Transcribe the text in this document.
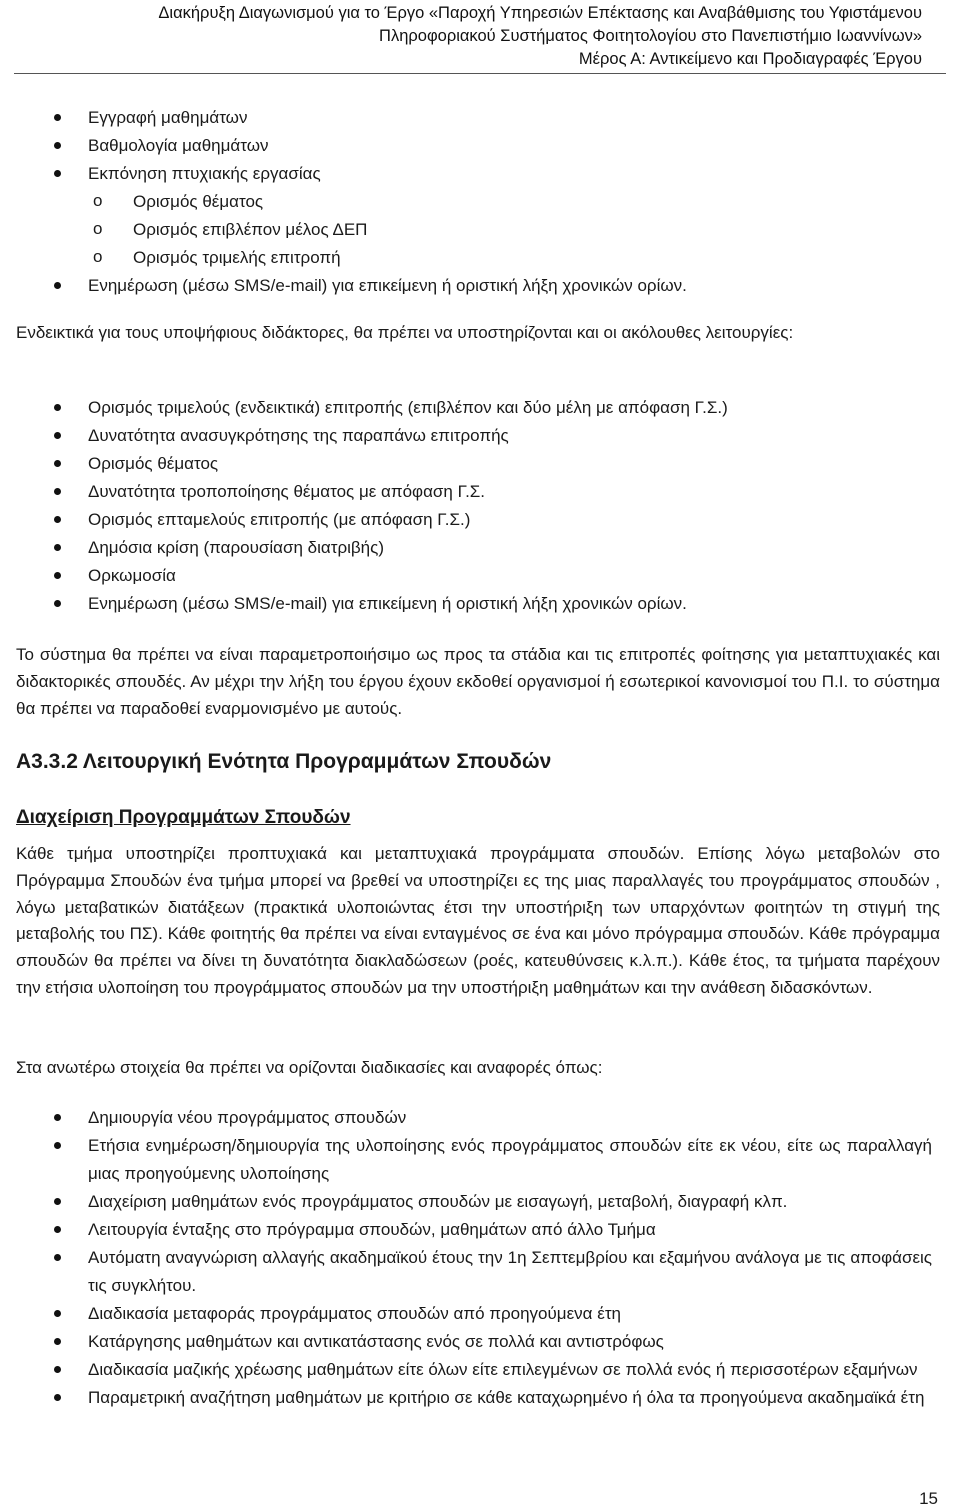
Διακήρυξη Διαγωνισμού για το Έργο «Παροχή Υπηρεσιών Επέκτασης και Αναβάθμισης του Υφιστάμενου
Πληροφοριακού Συστήματος Φοιτητολογίου στο Πανεπιστήμιο Ιωαννίνων»
Μέρος Α: Αντικείμενο και Προδιαγραφές Έργου
Εγγραφή μαθημάτων
Βαθμολογία μαθημάτων
Εκπόνηση πτυχιακής εργασίας
o Ορισμός θέματος
o Ορισμός επιβλέπον μέλος ΔΕΠ
o Ορισμός τριμελής επιτροπή
Ενημέρωση (μέσω SMS/e-mail) για επικείμενη ή οριστική λήξη χρονικών ορίων.

Ενδεικτικά για τους υποψήφιους διδάκτορες, θα πρέπει να υποστηρίζονται και οι ακόλουθες λειτουργίες:

Ορισμός τριμελούς (ενδεικτικά) επιτροπής (επιβλέπον και δύο μέλη με απόφαση Γ.Σ.)
Δυνατότητα ανασυγκρότησης της παραπάνω επιτροπής
Ορισμός θέματος
Δυνατότητα τροποποίησης θέματος με απόφαση Γ.Σ.
Ορισμός επταμελούς επιτροπής (με απόφαση Γ.Σ.)
Δημόσια κρίση (παρουσίαση διατριβής)
Ορκωμοσία
Ενημέρωση (μέσω SMS/e-mail) για επικείμενη ή οριστική λήξη χρονικών ορίων.

Το σύστημα θα πρέπει να είναι παραμετροποιήσιμο ως προς τα στάδια και τις επιτροπές φοίτησης για μεταπτυχιακές και διδακτορικές σπουδές. Αν μέχρι την λήξη του έργου έχουν εκδοθεί οργανισμοί ή εσωτερικοί κανονισμοί του Π.Ι. το σύστημα θα πρέπει να παραδοθεί εναρμονισμένο με αυτούς.

Α3.3.2 Λειτουργική Ενότητα Προγραμμάτων Σπουδών
Διαχείριση Προγραμμάτων Σπουδών

Κάθε τμήμα υποστηρίζει προπτυχιακά και μεταπτυχιακά προγράμματα σπουδών. Επίσης λόγω μεταβολών στο Πρόγραμμα Σπουδών ένα τμήμα μπορεί να βρεθεί να υποστηρίζει ες της μιας παραλλαγές του προγράμματος σπουδών , λόγω μεταβατικών διατάξεων (πρακτικά υλοποιώντας έτσι την υποστήριξη των υπαρχόντων φοιτητών τη στιγμή της μεταβολής του ΠΣ). Κάθε φοιτητής θα πρέπει να είναι ενταγμένος σε ένα και μόνο πρόγραμμα σπουδών. Κάθε πρόγραμμα σπουδών θα πρέπει να δίνει τη δυνατότητα διακλαδώσεων (ροές, κατευθύνσεις κ.λ.π.). Κάθε έτος, τα τμήματα παρέχουν την ετήσια υλοποίηση του προγράμματος σπουδών μα την υποστήριξη μαθημάτων και την ανάθεση διδασκόντων.

Στα ανωτέρω στοιχεία θα πρέπει να ορίζονται διαδικασίες και αναφορές όπως:

Δημιουργία νέου προγράμματος σπουδών
Ετήσια ενημέρωση/δημιουργία της υλοποίησης ενός προγράμματος σπουδών είτε εκ νέου, είτε ως παραλλαγή μιας προηγούμενης υλοποίησης
Διαχείριση μαθημάτων ενός προγράμματος σπουδών με εισαγωγή, μεταβολή, διαγραφή κλπ.
Λειτουργία ένταξης στο πρόγραμμα σπουδών, μαθημάτων από άλλο Τμήμα
Αυτόματη αναγνώριση αλλαγής ακαδημαϊκού έτους την 1η Σεπτεμβρίου και εξαμήνου ανάλογα με τις αποφάσεις τις συγκλήτου.
Διαδικασία μεταφοράς προγράμματος σπουδών από προηγούμενα έτη
Κατάργησης μαθημάτων και αντικατάστασης ενός σε πολλά και αντιστρόφως
Διαδικασία μαζικής χρέωσης μαθημάτων είτε όλων είτε επιλεγμένων σε πολλά ενός ή περισσοτέρων εξαμήνων
Παραμετρική αναζήτηση μαθημάτων με κριτήριο σε κάθε καταχωρημένο ή όλα τα προηγούμενα ακαδημαϊκά έτη
15
